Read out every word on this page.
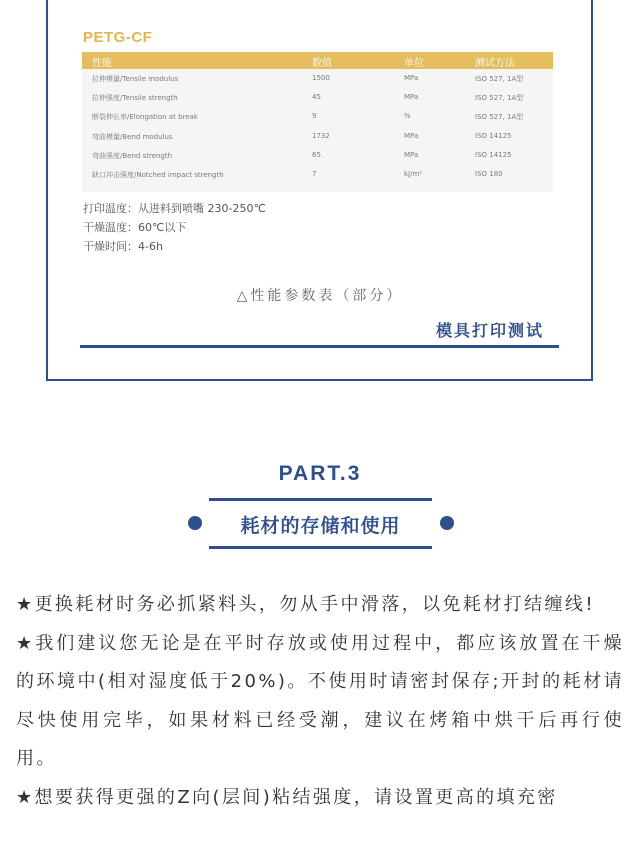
PETG-CF
性能	数值	单位	测试方法
拉伸模量/Tensile modulus	1500	MPa	ISO 527, 1A型
拉伸强度/Tensile strength	45	MPa	ISO 527, 1A型
断裂伸长率/Elongation at break	9	%	ISO 527, 1A型
弯曲模量/Bend modulus	1732	MPa	ISO 14125
弯曲强度/Bend strength	65	MPa	ISO 14125
缺口冲击强度/Notched impact strength	7	kJ/m²	ISO 180
打印温度：从进料到喷嘴 230-250℃
干燥温度：60℃以下
干燥时间：4-6h
△性能参数表（部分）
模具打印测试
PART.3
耗材的存储和使用

★更换耗材时务必抓紧料头，勿从手中滑落，以免耗材打结缠线!

★我们建议您无论是在平时存放或使用过程中，都应该放置在干燥的环境中(相对湿度低于20%)。不使用时请密封保存;开封的耗材请尽快使用完毕，如果材料已经受潮，建议在烤箱中烘干后再行使用。

★想要获得更强的Z向(层间)粘结强度，请设置更高的填充密
